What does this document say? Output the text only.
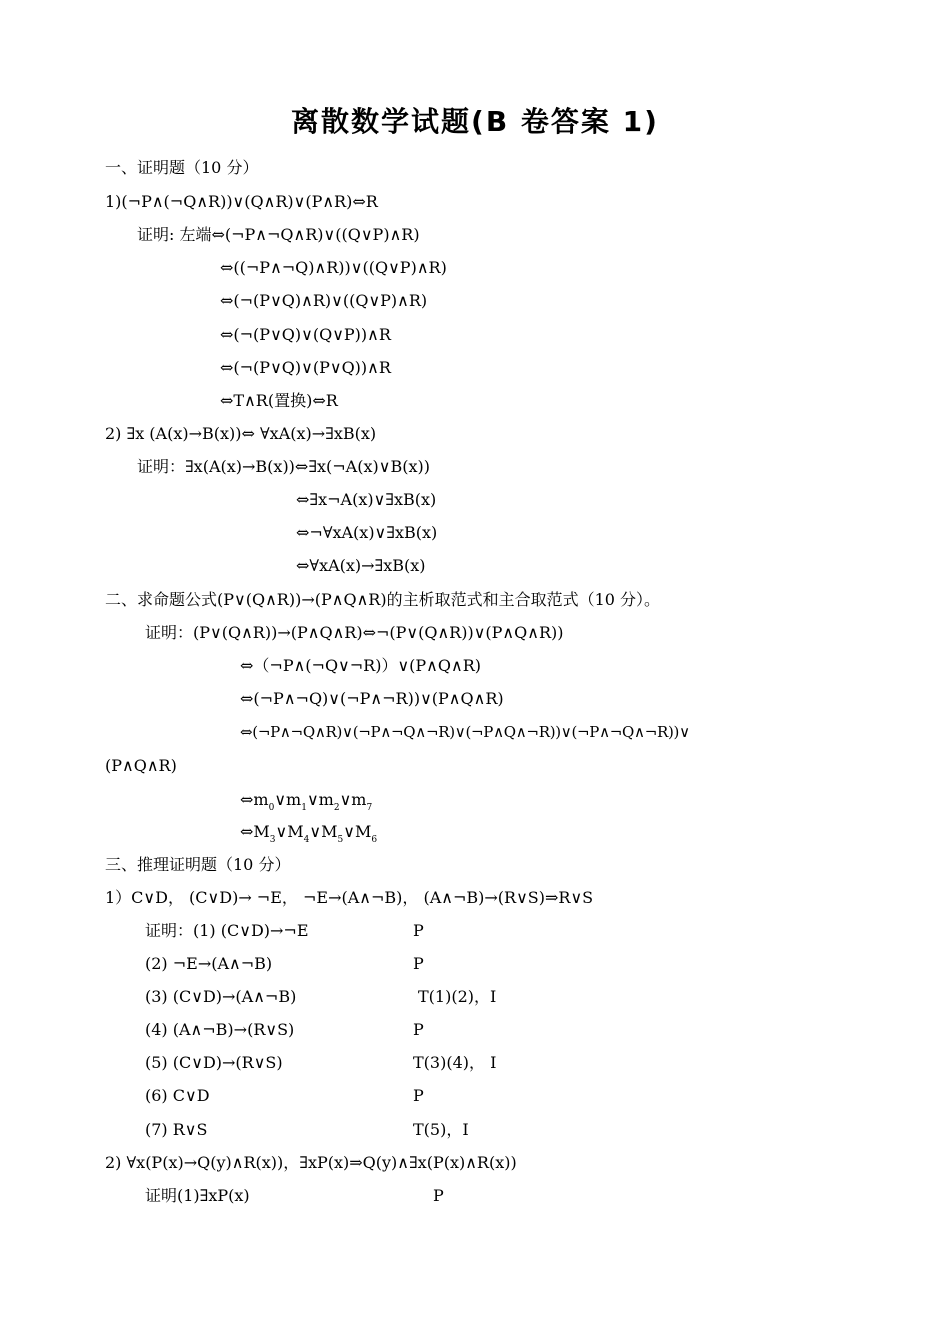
离散数学试题(B 卷答案 1)
一、证明题（10 分）
1)(¬P∧(¬Q∧R))∨(Q∧R)∨(P∧R)⇔R
证明: 左端⇔(¬P∧¬Q∧R)∨((Q∨P)∧R)
⇔((¬P∧¬Q)∧R))∨((Q∨P)∧R)
⇔(¬(P∨Q)∧R)∨((Q∨P)∧R)
⇔(¬(P∨Q)∨(Q∨P))∧R
⇔(¬(P∨Q)∨(P∨Q))∧R
⇔T∧R(置换)⇔R
2) ∃x (A(x)→B(x))⇔ ∀xA(x)→∃xB(x)
证明：∃x(A(x)→B(x))⇔∃x(¬A(x)∨B(x))
⇔∃x¬A(x)∨∃xB(x)
⇔¬∀xA(x)∨∃xB(x)
⇔∀xA(x)→∃xB(x)
二、求命题公式(P∨(Q∧R))→(P∧Q∧R)的主析取范式和主合取范式（10 分）。
证明：(P∨(Q∧R))→(P∧Q∧R)⇔¬(P∨(Q∧R))∨(P∧Q∧R))
⇔（¬P∧(¬Q∨¬R)）∨(P∧Q∧R)
⇔(¬P∧¬Q)∨(¬P∧¬R))∨(P∧Q∧R)
⇔(¬P∧¬Q∧R)∨(¬P∧¬Q∧¬R)∨(¬P∧Q∧¬R))∨(¬P∧¬Q∧¬R))∨
(P∧Q∧R)
$\Leftrightarrow m_0\vee m_1\vee m_2\vee m_7$
$\Leftrightarrow M_3\vee M_4\vee M_5\vee M_6$
三、推理证明题（10 分）
1）C∨D， (C∨D)→ ¬E， ¬E→(A∧¬B)， (A∧¬B)→(R∨S)⇒R∨S
证明：(1) (C∨D)→¬E	P
(2) ¬E→(A∧¬B)	P
(3) (C∨D)→(A∧¬B)	T(1)(2)，I
(4) (A∧¬B)→(R∨S)	P
(5) (C∨D)→(R∨S)	T(3)(4)， I
(6) C∨D	P
(7) R∨S	T(5)，I
2) ∀x(P(x)→Q(y)∧R(x))，∃xP(x)⇒Q(y)∧∃x(P(x)∧R(x))
证明(1)∃xP(x)	P
